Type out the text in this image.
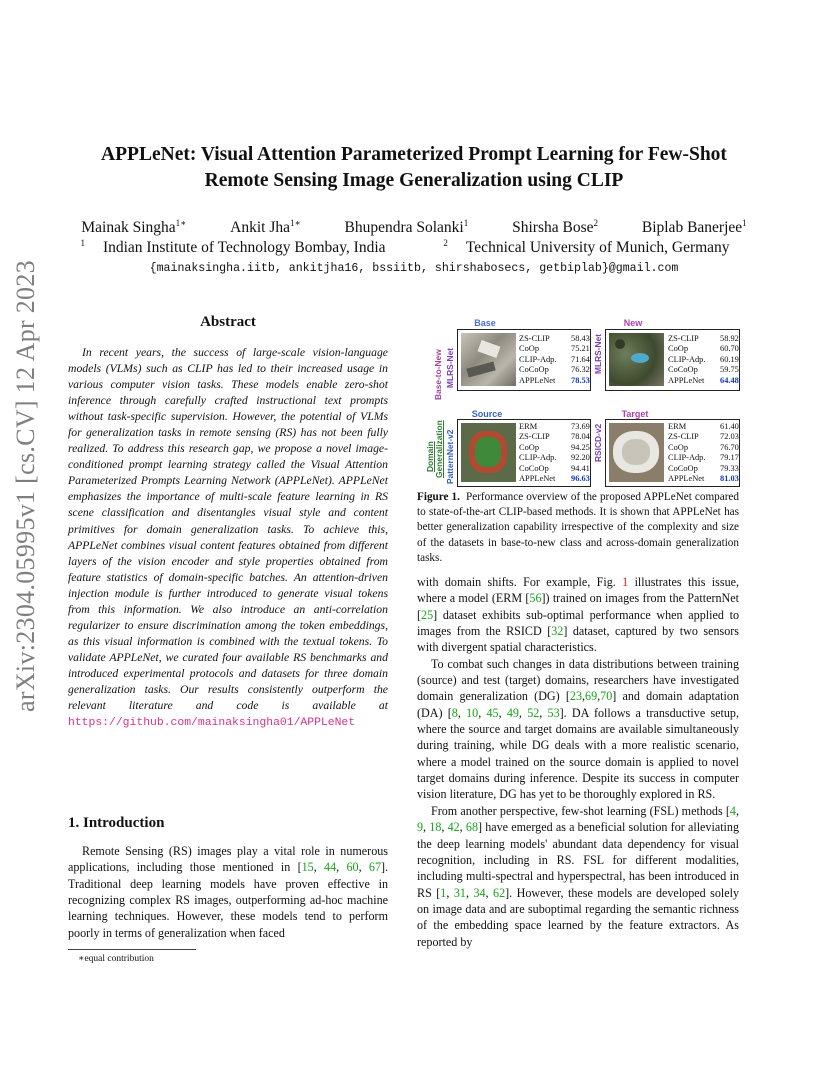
arXiv:2304.05995v1 [cs.CV] 12 Apr 2023
APPLeNet: Visual Attention Parameterized Prompt Learning for Few-Shot
Remote Sensing Image Generalization using CLIP
Mainak Singha$^{1∗}$	Ankit Jha$^{1∗}$	Bhupendra Solanki$^1$	Shirsha Bose$^2$	Biplab Banerjee$^1$
$^1$ Indian Institute of Technology Bombay, India	$^2$ Technical University of Munich, Germany
{mainaksingha.iitb, ankitjha16, bssiitb, shirshabosecs, getbiplab}@gmail.com
Abstract
In recent years, the success of large-scale vision-language models (VLMs) such as CLIP has led to their increased usage in various computer vision tasks. These models enable zero-shot inference through carefully crafted instructional text prompts without task-specific supervision. However, the potential of VLMs for generalization tasks in remote sensing (RS) has not been fully realized. To address this research gap, we propose a novel image-conditioned prompt learning strategy called the Visual Attention Parameterized Prompts Learning Network (APPLeNet). APPLeNet emphasizes the importance of multi-scale feature learning in RS scene classification and disentangles visual style and content primitives for domain generalization tasks. To achieve this, APPLeNet combines visual content features obtained from different layers of the vision encoder and style properties obtained from feature statistics of domain-specific batches. An attention-driven injection module is further introduced to generate visual tokens from this information. We also introduce an anti-correlation regularizer to ensure discrimination among the token embeddings, as this visual information is combined with the textual tokens. To validate APPLeNet, we curated four available RS benchmarks and introduced experimental protocols and datasets for three domain generalization tasks. Our results consistently outperform the relevant literature and code is available at https://github.com/mainaksingha01/APPLeNet
1. Introduction
Remote Sensing (RS) images play a vital role in numerous applications, including those mentioned in [15, 44, 60, 67]. Traditional deep learning models have proven effective in recognizing complex RS images, outperforming ad-hoc machine learning techniques. However, these models tend to perform poorly in terms of generalization when faced
∗equal contribution
Base-to-New MLRS-Net
Domain Generalization PatternNet-v2
MLRS-Net
RSICD-v2
Base
ZS-CLIP	58.43
CoOp	75.21
CLIP-Adp.	71.64
CoCoOp	76.32
APPLeNet	78.53
New
ZS-CLIP	58.92
CoOp	60.70
CLIP-Adp.	60.19
CoCoOp	59.75
APPLeNet	64.48
Source
ERM	73.69
ZS-CLIP	78.04
CoOp	94.25
CLIP-Adp.	92.20
CoCoOp	94.41
APPLeNet	96.63
Target
ERM	61.40
ZS-CLIP	72.03
CoOp	76.70
CLIP-Adp.	79.17
CoCoOp	79.33
APPLeNet	81.03
Figure 1. Performance overview of the proposed APPLeNet compared to state-of-the-art CLIP-based methods. It is shown that APPLeNet has better generalization capability irrespective of the complexity and size of the datasets in base-to-new class and across-domain generalization tasks.
with domain shifts. For example, Fig. 1 illustrates this issue, where a model (ERM [56]) trained on images from the PatternNet [25] dataset exhibits sub-optimal performance when applied to images from the RSICD [32] dataset, captured by two sensors with divergent spatial characteristics.
To combat such changes in data distributions between training (source) and test (target) domains, researchers have investigated domain generalization (DG) [23,69,70] and domain adaptation (DA) [8, 10, 45, 49, 52, 53]. DA follows a transductive setup, where the source and target domains are available simultaneously during training, while DG deals with a more realistic scenario, where a model trained on the source domain is applied to novel target domains during inference. Despite its success in computer vision literature, DG has yet to be thoroughly explored in RS.
From another perspective, few-shot learning (FSL) methods [4, 9, 18, 42, 68] have emerged as a beneficial solution for alleviating the deep learning models' abundant data dependency for visual recognition, including in RS. FSL for different modalities, including multi-spectral and hyperspectral, has been introduced in RS [1, 31, 34, 62]. However, these models are developed solely on image data and are suboptimal regarding the semantic richness of the embedding space learned by the feature extractors. As reported by
